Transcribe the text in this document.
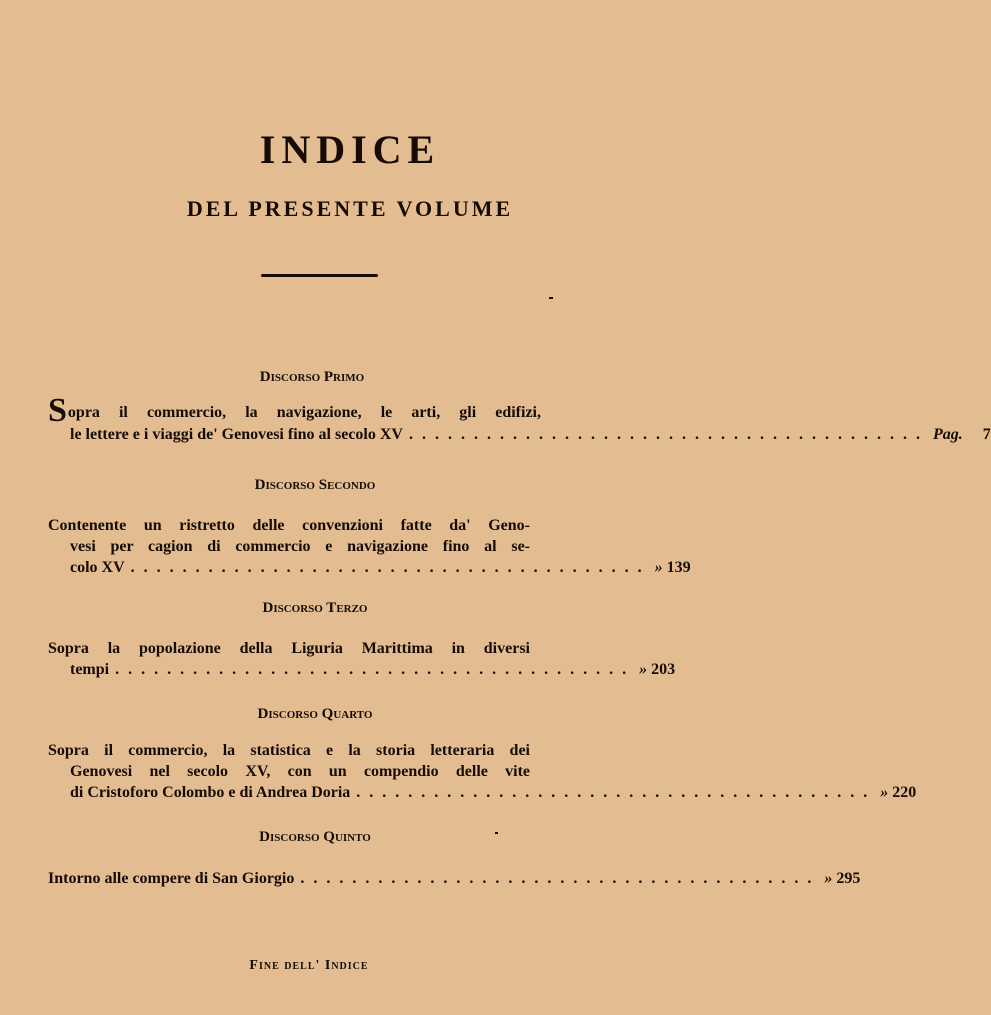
INDICE
DEL PRESENTE VOLUME
Discorso Primo
Sopra il commercio, la navigazione, le arti, gli edifizi,
le lettere e i viaggi de' Genovesi fino al secolo XV ........................................ Pag. 7
Discorso Secondo
Contenente un ristretto delle convenzioni fatte da' Geno-
vesi per cagion di commercio e navigazione fino al se-
colo XV ........................................ » 139
Discorso Terzo
Sopra la popolazione della Liguria Marittima in diversi
tempi ........................................ » 203
Discorso Quarto
Sopra il commercio, la statistica e la storia letteraria dei
Genovesi nel secolo XV, con un compendio delle vite
di Cristoforo Colombo e di Andrea Doria ........................................ » 220
Discorso Quinto
Intorno alle compere di San Giorgio ........................................ » 295
Fine dell' Indice
